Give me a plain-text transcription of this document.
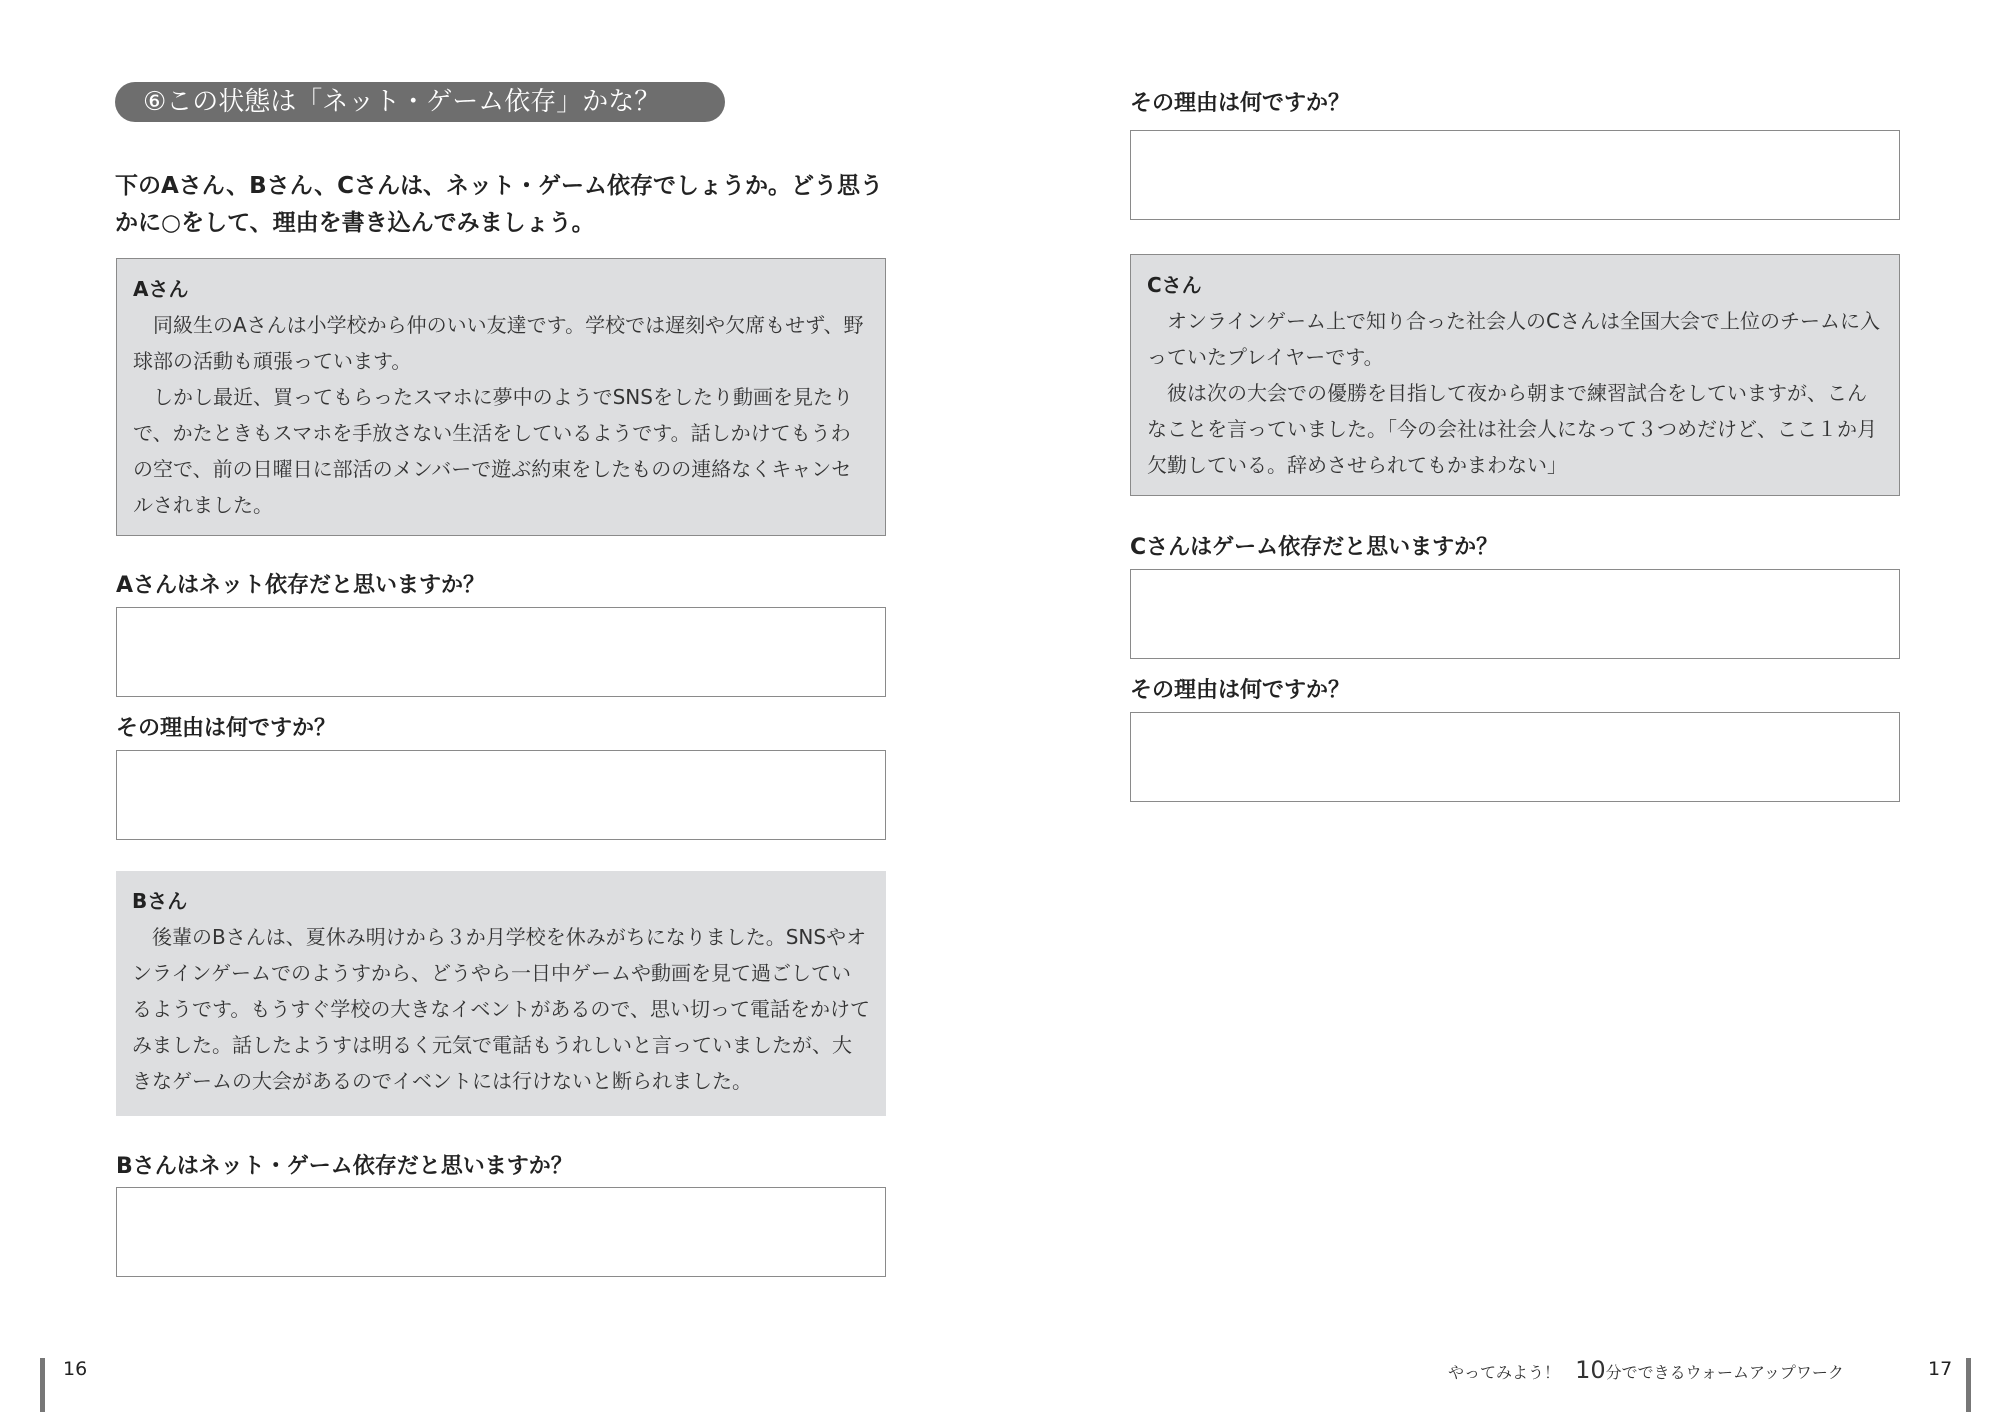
⑥この状態は「ネット・ゲーム依存」かな？
下のAさん、Bさん、Cさんは、ネット・ゲーム依存でしょうか。どう思うかに○をして、理由を書き込んでみましょう。
Aさん

同級生のAさんは小学校から仲のいい友達です。学校では遅刻や欠席もせず、野球部の活動も頑張っています。

しかし最近、買ってもらったスマホに夢中のようでSNSをしたり動画を見たりで、かたときもスマホを手放さない生活をしているようです。話しかけてもうわの空で、前の日曜日に部活のメンバーで遊ぶ約束をしたものの連絡なくキャンセルされました。

Aさんはネット依存だと思いますか？
その理由は何ですか？
Bさん

後輩のBさんは、夏休み明けから３か月学校を休みがちになりました。SNSやオンラインゲームでのようすから、どうやら一日中ゲームや動画を見て過ごしているようです。もうすぐ学校の大きなイベントがあるので、思い切って電話をかけてみました。話したようすは明るく元気で電話もうれしいと言っていましたが、大きなゲームの大会があるのでイベントには行けないと断られました。

Bさんはネット・ゲーム依存だと思いますか？
その理由は何ですか？
Cさん

オンラインゲーム上で知り合った社会人のCさんは全国大会で上位のチームに入っていたプレイヤーです。

彼は次の大会での優勝を目指して夜から朝まで練習試合をしていますが、こんなことを言っていました。「今の会社は社会人になって３つめだけど、ここ１か月欠勤している。辞めさせられてもかまわない」

Cさんはゲーム依存だと思いますか？
その理由は何ですか？
16	やってみよう！ 10分でできるウォームアップワーク	17
